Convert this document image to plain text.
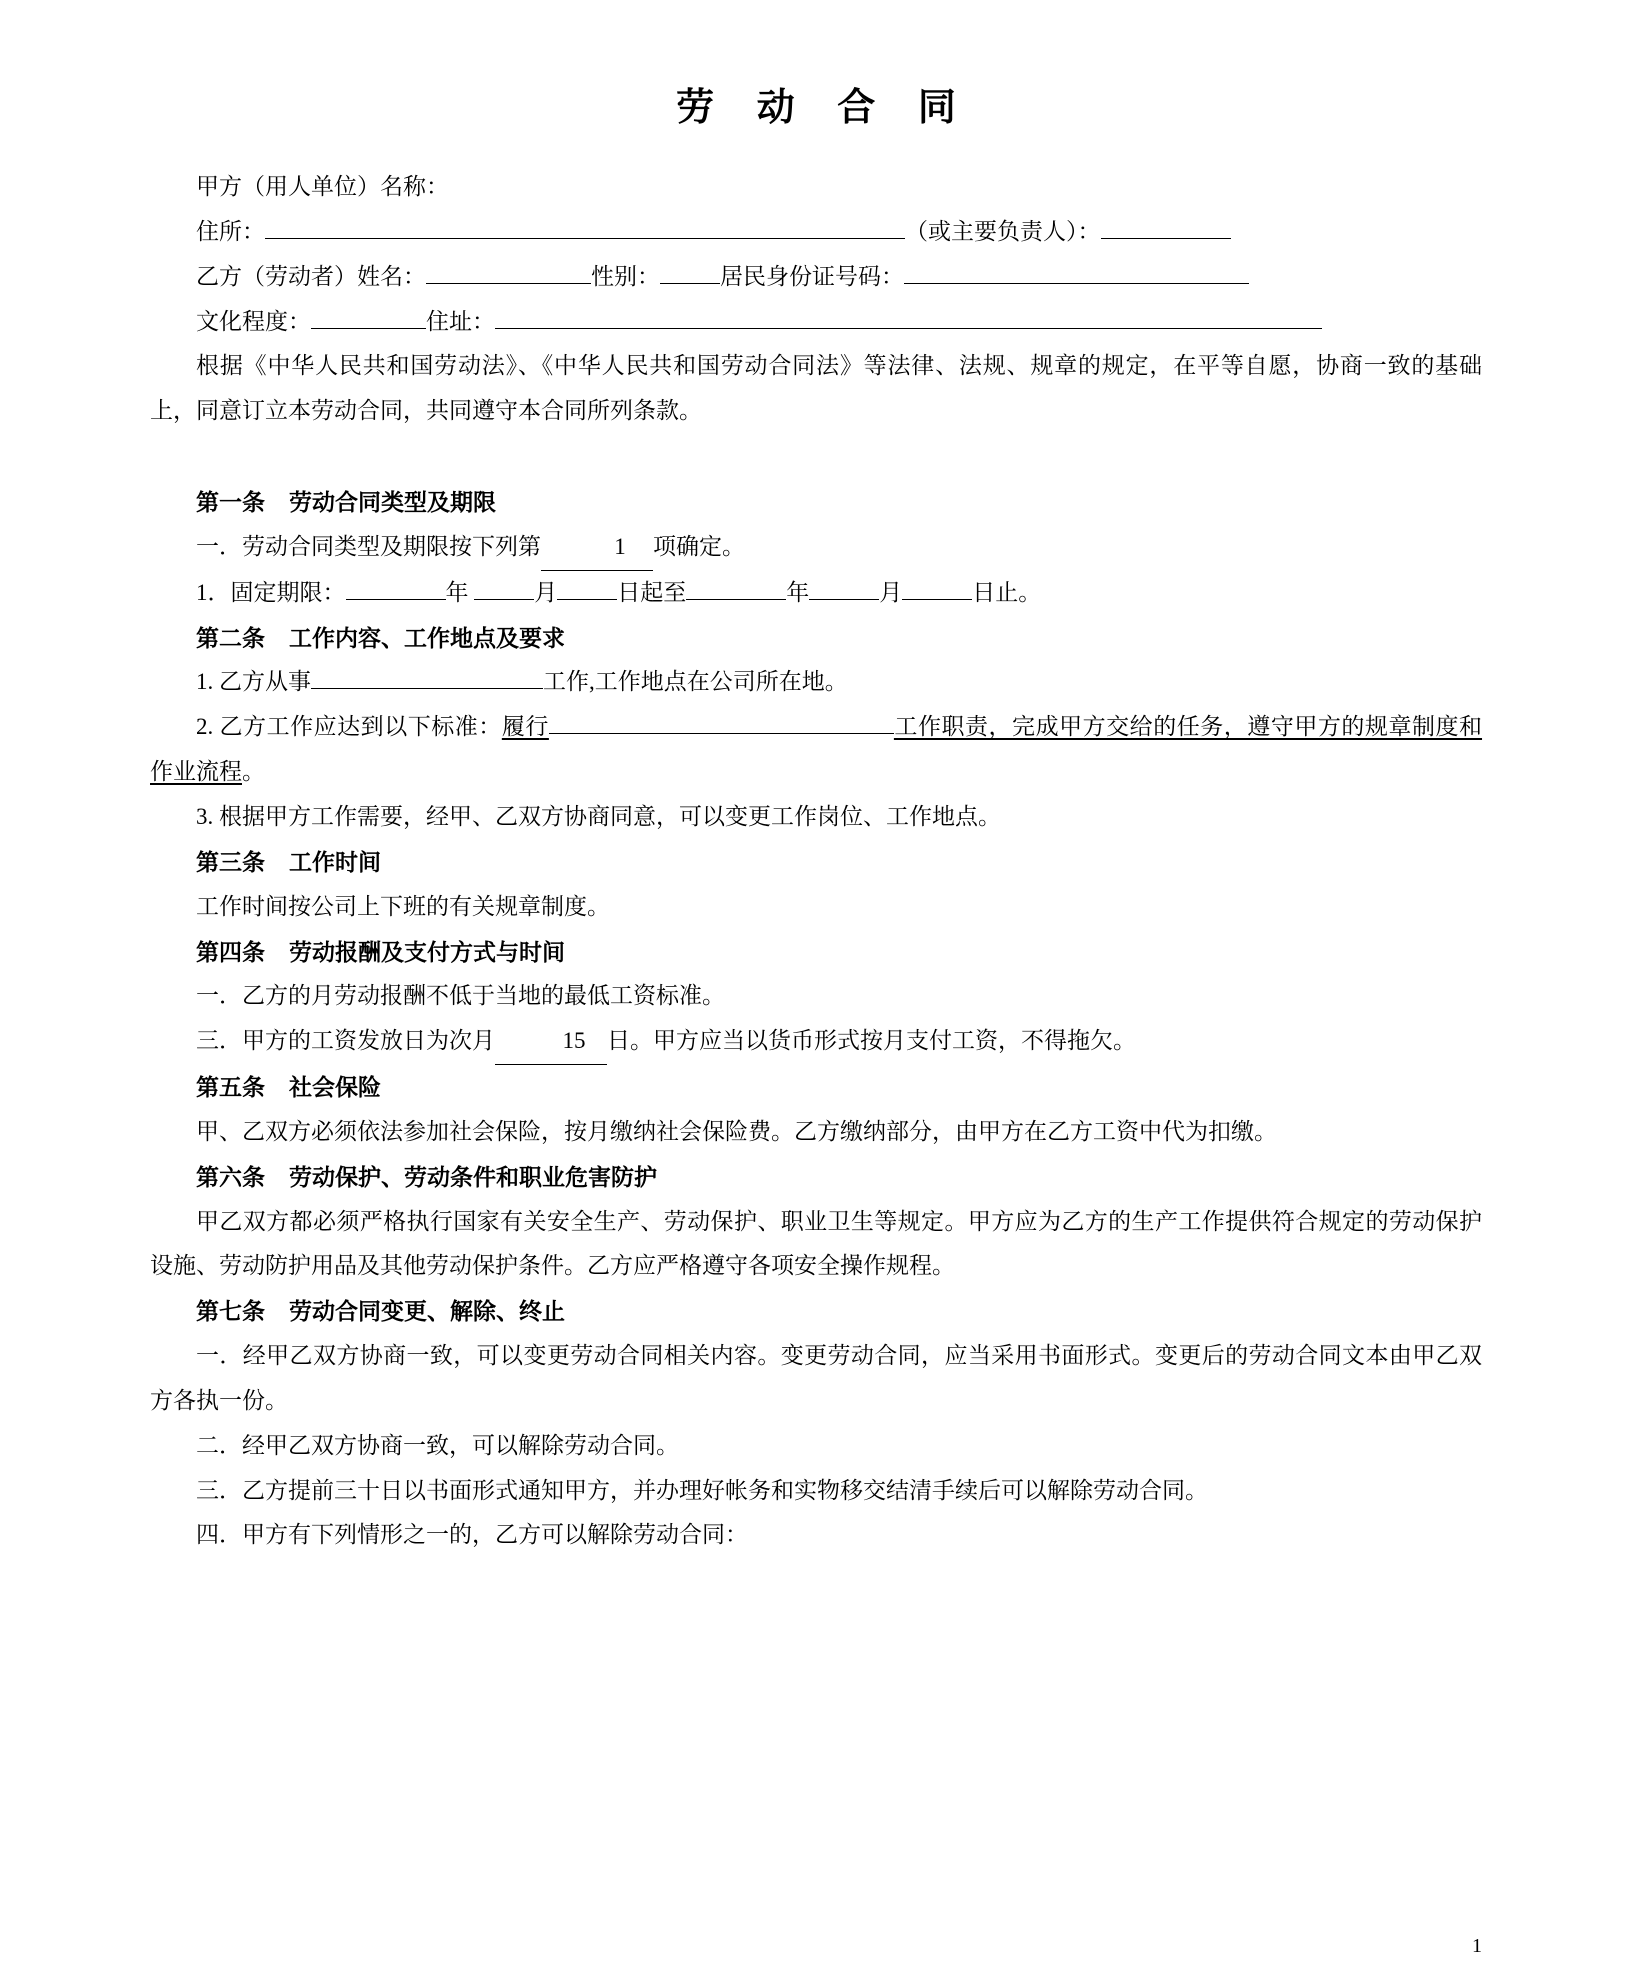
劳 动 合 同

甲方（用人单位）名称：

住所：	（或主要负责人）：

乙方（劳动者）姓名：	性别：	居民身份证号码：

文化程度：	住址：

根据《中华人民共和国劳动法》、《中华人民共和国劳动合同法》等法律、法规、规章的规定，在平等自愿，协商一致的基础上，同意订立本劳动合同，共同遵守本合同所列条款。

第一条 劳动合同类型及期限

一．劳动合同类型及期限按下列第	1 项确定。

1．固定期限：	年	月	日起至	年	月	日止。

第二条 工作内容、工作地点及要求

1. 乙方从事	工作,工作地点在公司所在地。

2. 乙方工作应达到以下标准：履行	工作职责，完成甲方交给的任务，遵守甲方的规章制度和作业流程。

3. 根据甲方工作需要，经甲、乙双方协商同意，可以变更工作岗位、工作地点。

第三条 工作时间

工作时间按公司上下班的有关规章制度。

第四条 劳动报酬及支付方式与时间

一．乙方的月劳动报酬不低于当地的最低工资标准。

三．甲方的工资发放日为次月	15 日。甲方应当以货币形式按月支付工资，不得拖欠。

第五条 社会保险

甲、乙双方必须依法参加社会保险，按月缴纳社会保险费。乙方缴纳部分，由甲方在乙方工资中代为扣缴。

第六条 劳动保护、劳动条件和职业危害防护

甲乙双方都必须严格执行国家有关安全生产、劳动保护、职业卫生等规定。甲方应为乙方的生产工作提供符合规定的劳动保护设施、劳动防护用品及其他劳动保护条件。乙方应严格遵守各项安全操作规程。

第七条 劳动合同变更、解除、终止

一．经甲乙双方协商一致，可以变更劳动合同相关内容。变更劳动合同，应当采用书面形式。变更后的劳动合同文本由甲乙双方各执一份。

二．经甲乙双方协商一致，可以解除劳动合同。

三．乙方提前三十日以书面形式通知甲方，并办理好帐务和实物移交结清手续后可以解除劳动合同。

四．甲方有下列情形之一的，乙方可以解除劳动合同：

1
